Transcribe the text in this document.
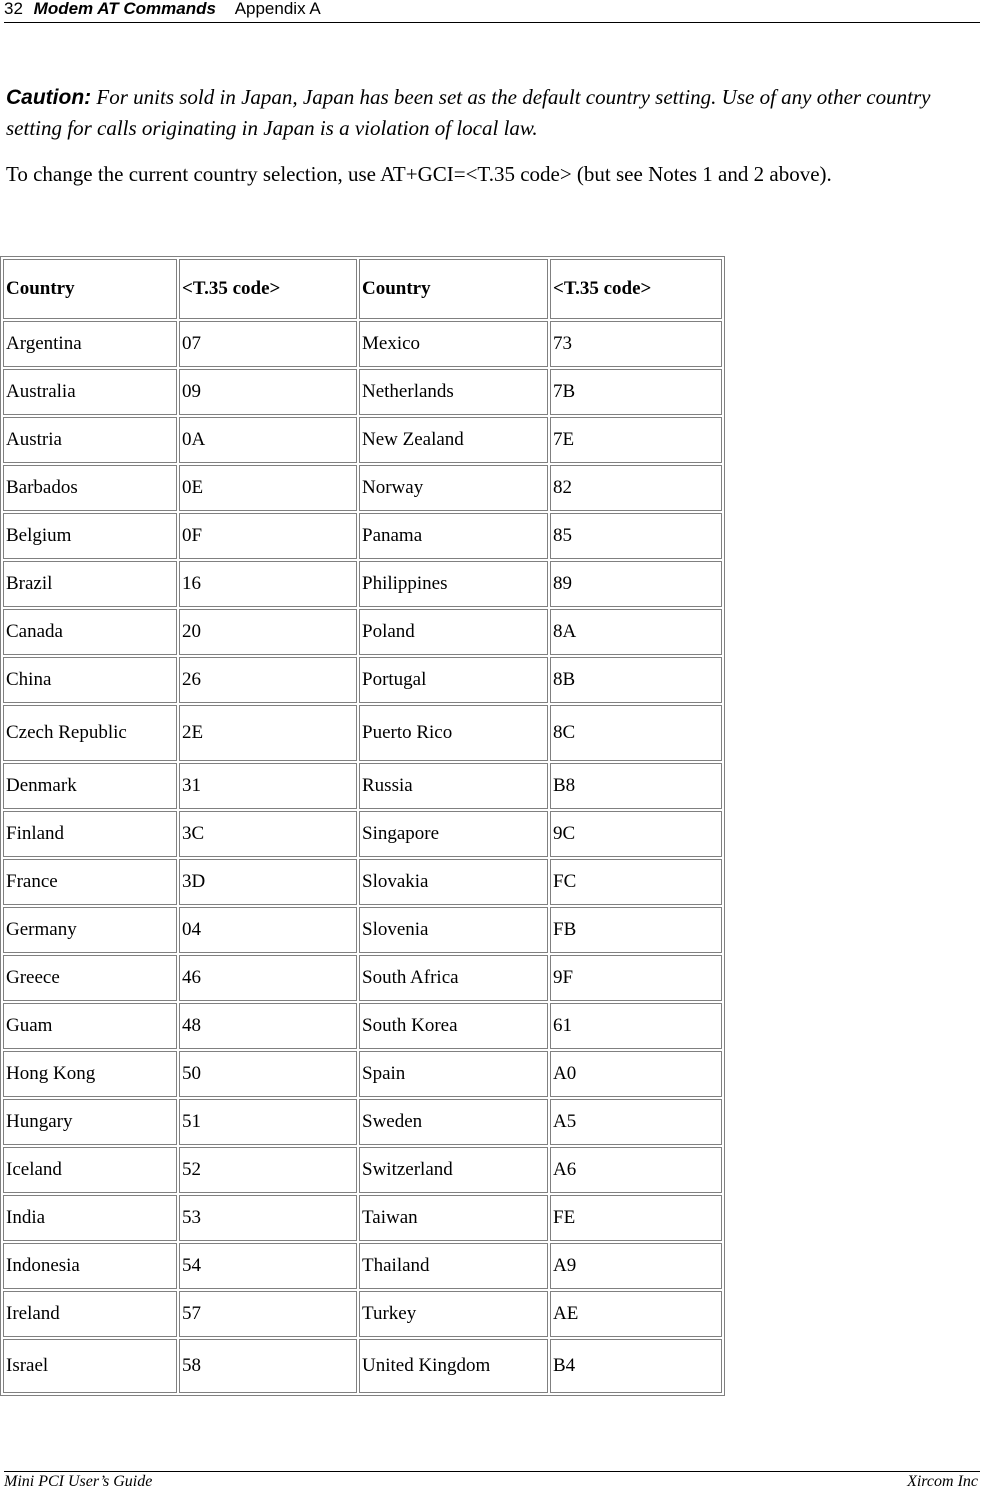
32 Modem AT Commands Appendix A
Caution: For units sold in Japan, Japan has been set as the default country setting. Use of any other country setting for calls originating in Japan is a violation of local law.
To change the current country selection, use AT+GCI=<T.35 code> (but see Notes 1 and 2 above).
Country	<T.35 code>	Country	<T.35 code>
Argentina	07	Mexico	73
Australia	09	Netherlands	7B
Austria	0A	New Zealand	7E
Barbados	0E	Norway	82
Belgium	0F	Panama	85
Brazil	16	Philippines	89
Canada	20	Poland	8A
China	26	Portugal	8B
Czech Republic	2E	Puerto Rico	8C
Denmark	31	Russia	B8
Finland	3C	Singapore	9C
France	3D	Slovakia	FC
Germany	04	Slovenia	FB
Greece	46	South Africa	9F
Guam	48	South Korea	61
Hong Kong	50	Spain	A0
Hungary	51	Sweden	A5
Iceland	52	Switzerland	A6
India	53	Taiwan	FE
Indonesia	54	Thailand	A9
Ireland	57	Turkey	AE
Israel	58	United Kingdom	B4
Mini PCI User’s Guide	Xircom Inc
